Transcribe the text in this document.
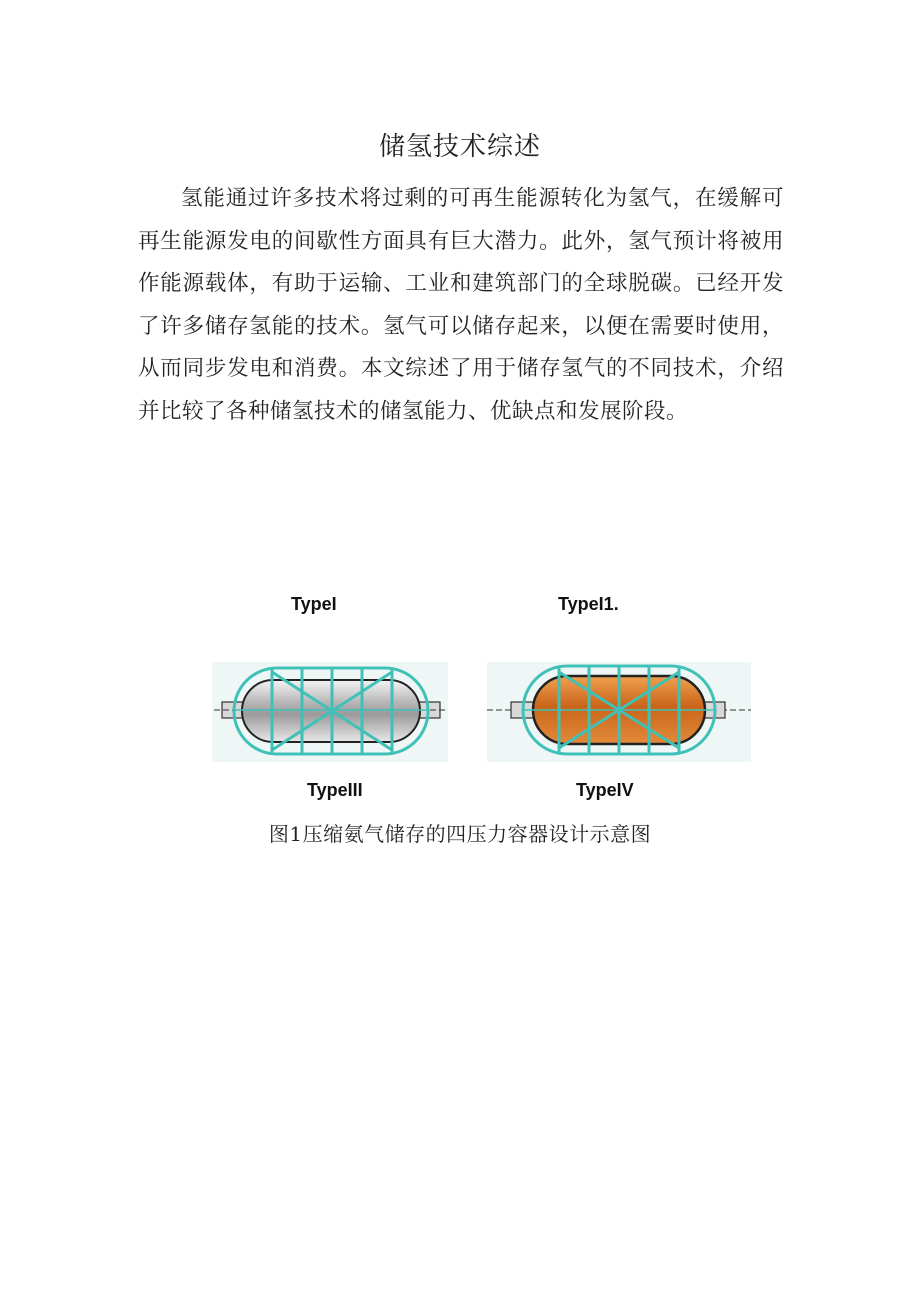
储氢技术综述
氢能通过许多技术将过剩的可再生能源转化为氢气，在缓解可再生能源发电的间歇性方面具有巨大潜力。此外，氢气预计将被用作能源载体，有助于运输、工业和建筑部门的全球脱碳。已经开发了许多储存氢能的技术。氢气可以储存起来，以便在需要时使用，从而同步发电和消费。本文综述了用于储存氢气的不同技术，介绍并比较了各种储氢技术的储氢能力、优缺点和发展阶段。
TypeI	TypeI1.
TypeIII	TypeIV
图1压缩氨气储存的四压力容器设计示意图
